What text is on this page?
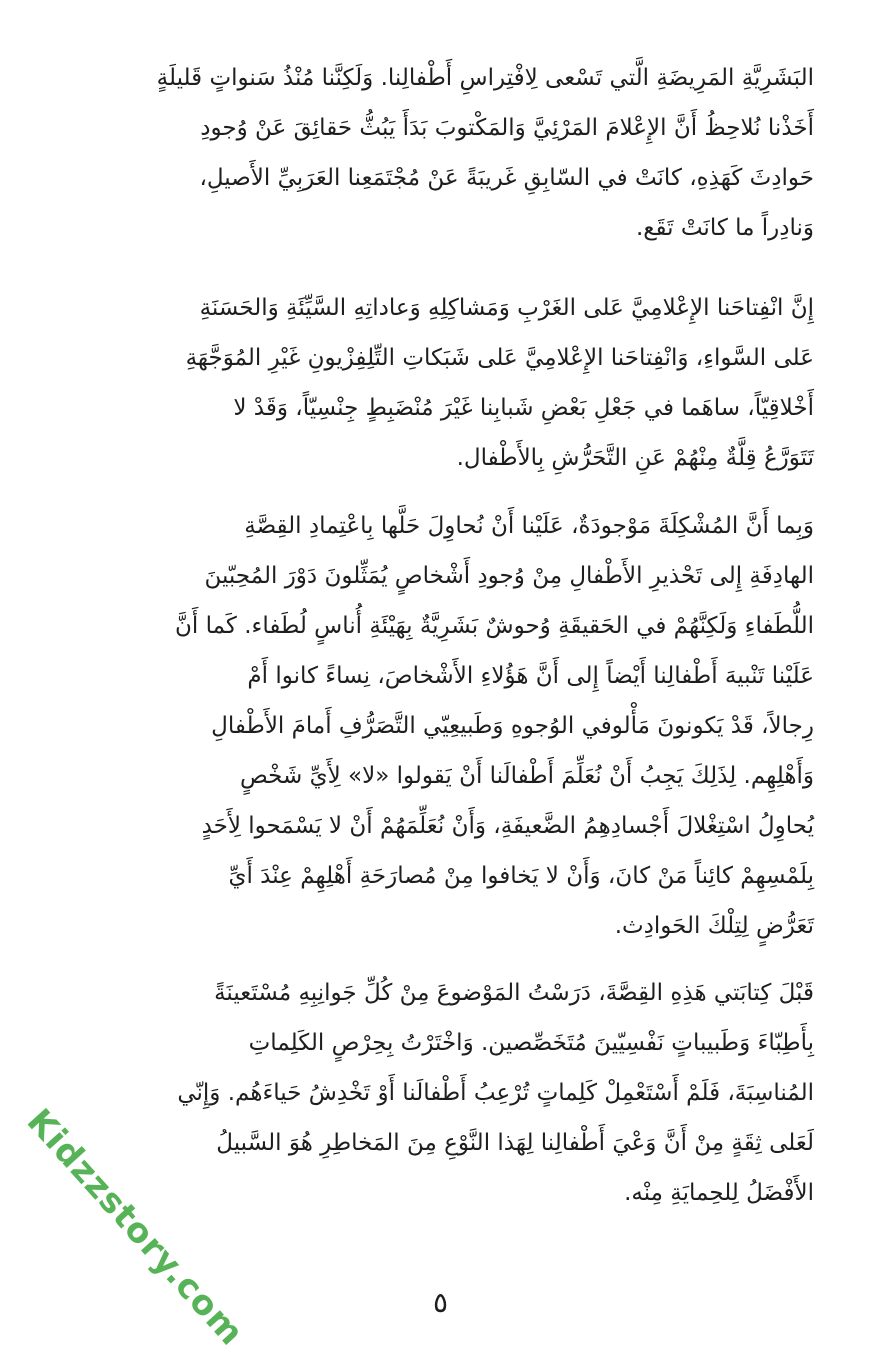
البَشَرِيَّةِ المَرِيضَةِ الَّتي تَسْعى لِافْتِراسِ أَطْفالِنا. وَلَكِنَّنا مُنْذُ سَنواتٍ قَليلَةٍ
أَخَذْنا نُلاحِظُ أَنَّ الإِعْلامَ المَرْئِيَّ وَالمَكْتوبَ بَدَأَ يَبُثُّ حَقائِقَ عَنْ وُجودِ
حَوادِثَ كَهَذِهِ، كانَتْ في السّابِقِ غَريبَةً عَنْ مُجْتَمَعِنا العَرَبِيِّ الأَصيلِ،
وَنادِراً ما كانَتْ تَقَع.

إِنَّ انْفِتاحَنا الإِعْلامِيَّ عَلى الغَرْبِ وَمَشاكِلِهِ وَعاداتِهِ السَّيِّئَةِ وَالحَسَنَةِ
عَلى السَّواءِ، وَانْفِتاحَنا الإِعْلامِيَّ عَلى شَبَكاتِ التِّلِفِزْيونِ غَيْرِ المُوَجَّهَةِ
أَخْلاقِيّاً، ساهَما في جَعْلِ بَعْضِ شَبابِنا غَيْرَ مُنْضَبِطٍ جِنْسِيّاً، وَقَدْ لا
تَتَوَرَّعُ قِلَّةٌ مِنْهُمْ عَنِ التَّحَرُّشِ بِالأَطْفال.

وَبِما أَنَّ المُشْكِلَةَ مَوْجودَةٌ، عَلَيْنا أَنْ نُحاوِلَ حَلَّها بِاعْتِمادِ القِصَّةِ
الهادِفَةِ إِلى تَحْذيرِ الأَطْفالِ مِنْ وُجودِ أَشْخاصٍ يُمَثِّلونَ دَوْرَ المُحِبّينَ
اللُّطَفاءِ وَلَكِنَّهُمْ في الحَقيقَةِ وُحوشٌ بَشَرِيَّةٌ بِهَيْئَةِ أُناسٍ لُطَفاء. كَما أَنَّ
عَلَيْنا تَنْبيهَ أَطْفالِنا أَيْضاً إِلى أَنَّ هَؤُلاءِ الأَشْخاصَ، نِساءً كانوا أَمْ
رِجالاً، قَدْ يَكونونَ مَأْلوفي الوُجوهِ وَطَبيعِيّي التَّصَرُّفِ أَمامَ الأَطْفالِ
وَأَهْلِهِم. لِذَلِكَ يَجِبُ أَنْ نُعَلِّمَ أَطْفالَنا أَنْ يَقولوا «لا» لِأَيِّ شَخْصٍ
يُحاوِلُ اسْتِغْلالَ أَجْسادِهِمُ الضَّعيفَةِ، وَأَنْ نُعَلِّمَهُمْ أَنْ لا يَسْمَحوا لِأَحَدٍ
بِلَمْسِهِمْ كائِناً مَنْ كانَ، وَأَنْ لا يَخافوا مِنْ مُصارَحَةِ أَهْلِهِمْ عِنْدَ أَيِّ
تَعَرُّضٍ لِتِلْكَ الحَوادِث.

قَبْلَ كِتابَتي هَذِهِ القِصَّةَ، دَرَسْتُ المَوْضوعَ مِنْ كُلِّ جَوانِبِهِ مُسْتَعينَةً
بِأَطِبّاءَ وَطَبيباتٍ نَفْسِيّينَ مُتَخَصِّصين. وَاخْتَرْتُ بِحِرْصٍ الكَلِماتِ
المُناسِبَةَ، فَلَمْ أَسْتَعْمِلْ كَلِماتٍ تُرْعِبُ أَطْفالَنا أَوْ تَخْدِشُ حَياءَهُم. وَإِنّي
لَعَلى ثِقَةٍ مِنْ أَنَّ وَعْيَ أَطْفالِنا لِهَذا النَّوْعِ مِنَ المَخاطِرِ هُوَ السَّبيلُ
الأَفْضَلُ لِلحِمايَةِ مِنْه.

Kidzzstory.com	٥
